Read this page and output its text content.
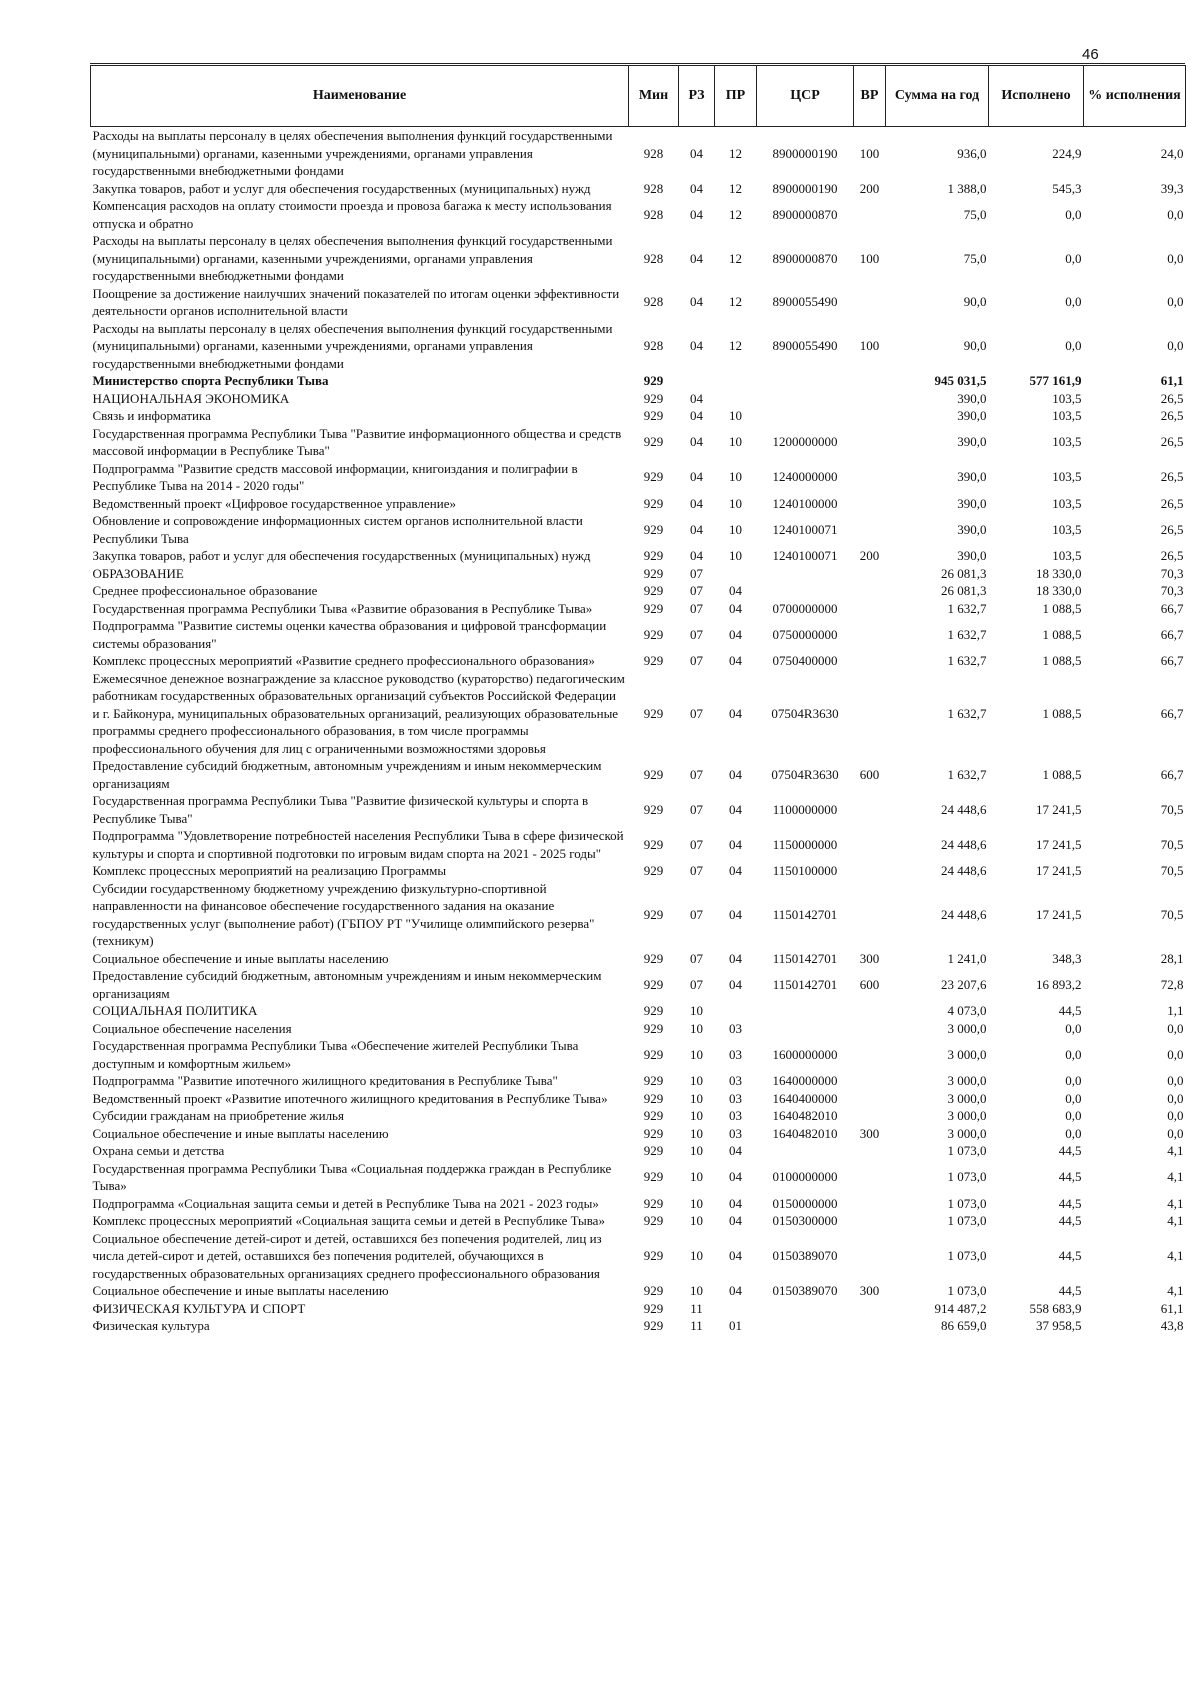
46
Наименование	Мин	РЗ	ПР	ЦСР	ВР	Сумма на год	Исполнено	% исполнения
Расходы на выплаты персоналу в целях обеспечения выполнения функций государственными (муниципальными) органами, казенными учреждениями, органами управления государственными внебюджетными фондами	928	04	12	8900000190	100	936,0	224,9	24,0
Закупка товаров, работ и услуг для обеспечения государственных (муниципальных) нужд	928	04	12	8900000190	200	1 388,0	545,3	39,3
Компенсация расходов на оплату стоимости проезда и провоза багажа к месту использования отпуска и обратно	928	04	12	8900000870		75,0	0,0	0,0
Расходы на выплаты персоналу в целях обеспечения выполнения функций государственными (муниципальными) органами, казенными учреждениями, органами управления государственными внебюджетными фондами	928	04	12	8900000870	100	75,0	0,0	0,0
Поощрение за достижение наилучших значений показателей по итогам оценки эффективности деятельности органов исполнительной власти	928	04	12	8900055490		90,0	0,0	0,0
Расходы на выплаты персоналу в целях обеспечения выполнения функций государственными (муниципальными) органами, казенными учреждениями, органами управления государственными внебюджетными фондами	928	04	12	8900055490	100	90,0	0,0	0,0
Министерство спорта Республики Тыва	929					945 031,5	577 161,9	61,1
НАЦИОНАЛЬНАЯ ЭКОНОМИКА	929	04				390,0	103,5	26,5
Связь и информатика	929	04	10			390,0	103,5	26,5
Государственная программа Республики Тыва "Развитие информационного общества и средств массовой информации в Республике Тыва"	929	04	10	1200000000		390,0	103,5	26,5
Подпрограмма "Развитие средств массовой информации, книгоиздания и полиграфии в Республике Тыва на 2014 - 2020 годы"	929	04	10	1240000000		390,0	103,5	26,5
Ведомственный проект «Цифровое государственное управление»	929	04	10	1240100000		390,0	103,5	26,5
Обновление и сопровождение информационных систем органов исполнительной власти Республики Тыва	929	04	10	1240100071		390,0	103,5	26,5
Закупка товаров, работ и услуг для обеспечения государственных (муниципальных) нужд	929	04	10	1240100071	200	390,0	103,5	26,5
ОБРАЗОВАНИЕ	929	07				26 081,3	18 330,0	70,3
Среднее профессиональное образование	929	07	04			26 081,3	18 330,0	70,3
Государственная программа Республики Тыва «Развитие образования в Республике Тыва»	929	07	04	0700000000		1 632,7	1 088,5	66,7
Подпрограмма "Развитие системы оценки качества образования и цифровой трансформации системы образования"	929	07	04	0750000000		1 632,7	1 088,5	66,7
Комплекс процессных мероприятий «Развитие среднего профессионального образования»	929	07	04	0750400000		1 632,7	1 088,5	66,7
Ежемесячное денежное вознаграждение за классное руководство (кураторство) педагогическим работникам государственных образовательных организаций субъектов Российской Федерации и г. Байконура, муниципальных образовательных организаций, реализующих образовательные программы среднего профессионального образования, в том числе программы профессионального обучения для лиц с ограниченными возможностями здоровья	929	07	04	07504R3630		1 632,7	1 088,5	66,7
Предоставление субсидий бюджетным, автономным учреждениям и иным некоммерческим организациям	929	07	04	07504R3630	600	1 632,7	1 088,5	66,7
Государственная программа Республики Тыва "Развитие физической культуры и спорта в Республике Тыва"	929	07	04	1100000000		24 448,6	17 241,5	70,5
Подпрограмма "Удовлетворение потребностей населения Республики Тыва в сфере физической культуры и спорта и спортивной подготовки по игровым видам спорта на 2021 - 2025 годы"	929	07	04	1150000000		24 448,6	17 241,5	70,5
Комплекс процессных мероприятий на реализацию Программы	929	07	04	1150100000		24 448,6	17 241,5	70,5
Субсидии государственному бюджетному учреждению физкультурно-спортивной направленности на финансовое обеспечение государственного задания на оказание государственных услуг (выполнение работ) (ГБПОУ РТ "Училище олимпийского резерва" (техникум)	929	07	04	1150142701		24 448,6	17 241,5	70,5
Социальное обеспечение и иные выплаты населению	929	07	04	1150142701	300	1 241,0	348,3	28,1
Предоставление субсидий бюджетным, автономным учреждениям и иным некоммерческим организациям	929	07	04	1150142701	600	23 207,6	16 893,2	72,8
СОЦИАЛЬНАЯ ПОЛИТИКА	929	10				4 073,0	44,5	1,1
Социальное обеспечение населения	929	10	03			3 000,0	0,0	0,0
Государственная программа Республики Тыва «Обеспечение жителей Республики Тыва доступным и комфортным жильем»	929	10	03	1600000000		3 000,0	0,0	0,0
Подпрограмма "Развитие ипотечного жилищного кредитования в Республике Тыва"	929	10	03	1640000000		3 000,0	0,0	0,0
Ведомственный проект «Развитие ипотечного жилищного кредитования в Республике Тыва»	929	10	03	1640400000		3 000,0	0,0	0,0
Субсидии гражданам на приобретение жилья	929	10	03	1640482010		3 000,0	0,0	0,0
Социальное обеспечение и иные выплаты населению	929	10	03	1640482010	300	3 000,0	0,0	0,0
Охрана семьи и детства	929	10	04			1 073,0	44,5	4,1
Государственная программа Республики Тыва «Социальная поддержка граждан в Республике Тыва»	929	10	04	0100000000		1 073,0	44,5	4,1
Подпрограмма «Социальная защита семьи и детей в Республике Тыва на 2021 - 2023 годы»	929	10	04	0150000000		1 073,0	44,5	4,1
Комплекс процессных мероприятий «Социальная защита семьи и детей в Республике Тыва»	929	10	04	0150300000		1 073,0	44,5	4,1
Социальное обеспечение детей-сирот и детей, оставшихся без попечения родителей, лиц из числа детей-сирот и детей, оставшихся без попечения родителей, обучающихся в государственных образовательных организациях среднего профессионального образования	929	10	04	0150389070		1 073,0	44,5	4,1
Социальное обеспечение и иные выплаты населению	929	10	04	0150389070	300	1 073,0	44,5	4,1
ФИЗИЧЕСКАЯ КУЛЬТУРА И СПОРТ	929	11				914 487,2	558 683,9	61,1
Физическая культура	929	11	01			86 659,0	37 958,5	43,8
